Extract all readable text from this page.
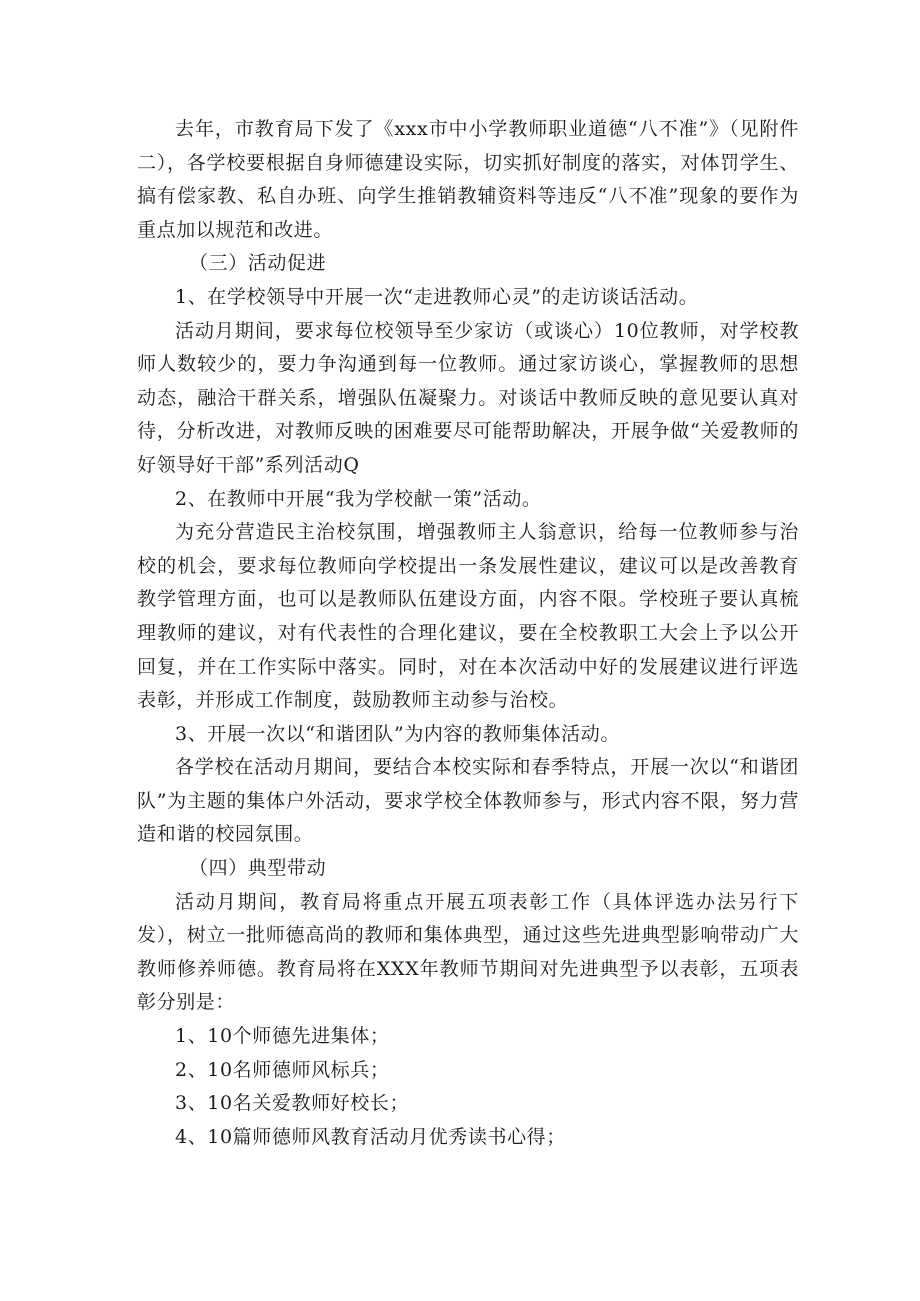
去年，市教育局下发了《xxx市中小学教师职业道德“八不准”》（见附件二），各学校要根据自身师德建设实际，切实抓好制度的落实，对体罚学生、搞有偿家教、私自办班、向学生推销教辅资料等违反“八不准”现象的要作为重点加以规范和改进。

（三）活动促进

1、在学校领导中开展一次“走进教师心灵”的走访谈话活动。

活动月期间，要求每位校领导至少家访（或谈心）10位教师，对学校教师人数较少的，要力争沟通到每一位教师。通过家访谈心，掌握教师的思想动态，融洽干群关系，增强队伍凝聚力。对谈话中教师反映的意见要认真对待，分析改进，对教师反映的困难要尽可能帮助解决，开展争做“关爱教师的好领导好干部”系列活动Q

2、在教师中开展“我为学校献一策”活动。

为充分营造民主治校氛围，增强教师主人翁意识，给每一位教师参与治校的机会，要求每位教师向学校提出一条发展性建议，建议可以是改善教育教学管理方面，也可以是教师队伍建设方面，内容不限。学校班子要认真梳理教师的建议，对有代表性的合理化建议，要在全校教职工大会上予以公开回复，并在工作实际中落实。同时，对在本次活动中好的发展建议进行评选表彰，并形成工作制度，鼓励教师主动参与治校。

3、开展一次以“和谐团队”为内容的教师集体活动。

各学校在活动月期间，要结合本校实际和春季特点，开展一次以“和谐团队”为主题的集体户外活动，要求学校全体教师参与，形式内容不限，努力营造和谐的校园氛围。

（四）典型带动

活动月期间，教育局将重点开展五项表彰工作（具体评选办法另行下发），树立一批师德高尚的教师和集体典型，通过这些先进典型影响带动广大教师修养师德。教育局将在XXX年教师节期间对先进典型予以表彰，五项表彰分别是：

1、10个师德先进集体；

2、10名师德师风标兵；

3、10名关爱教师好校长；

4、10篇师德师风教育活动月优秀读书心得；
